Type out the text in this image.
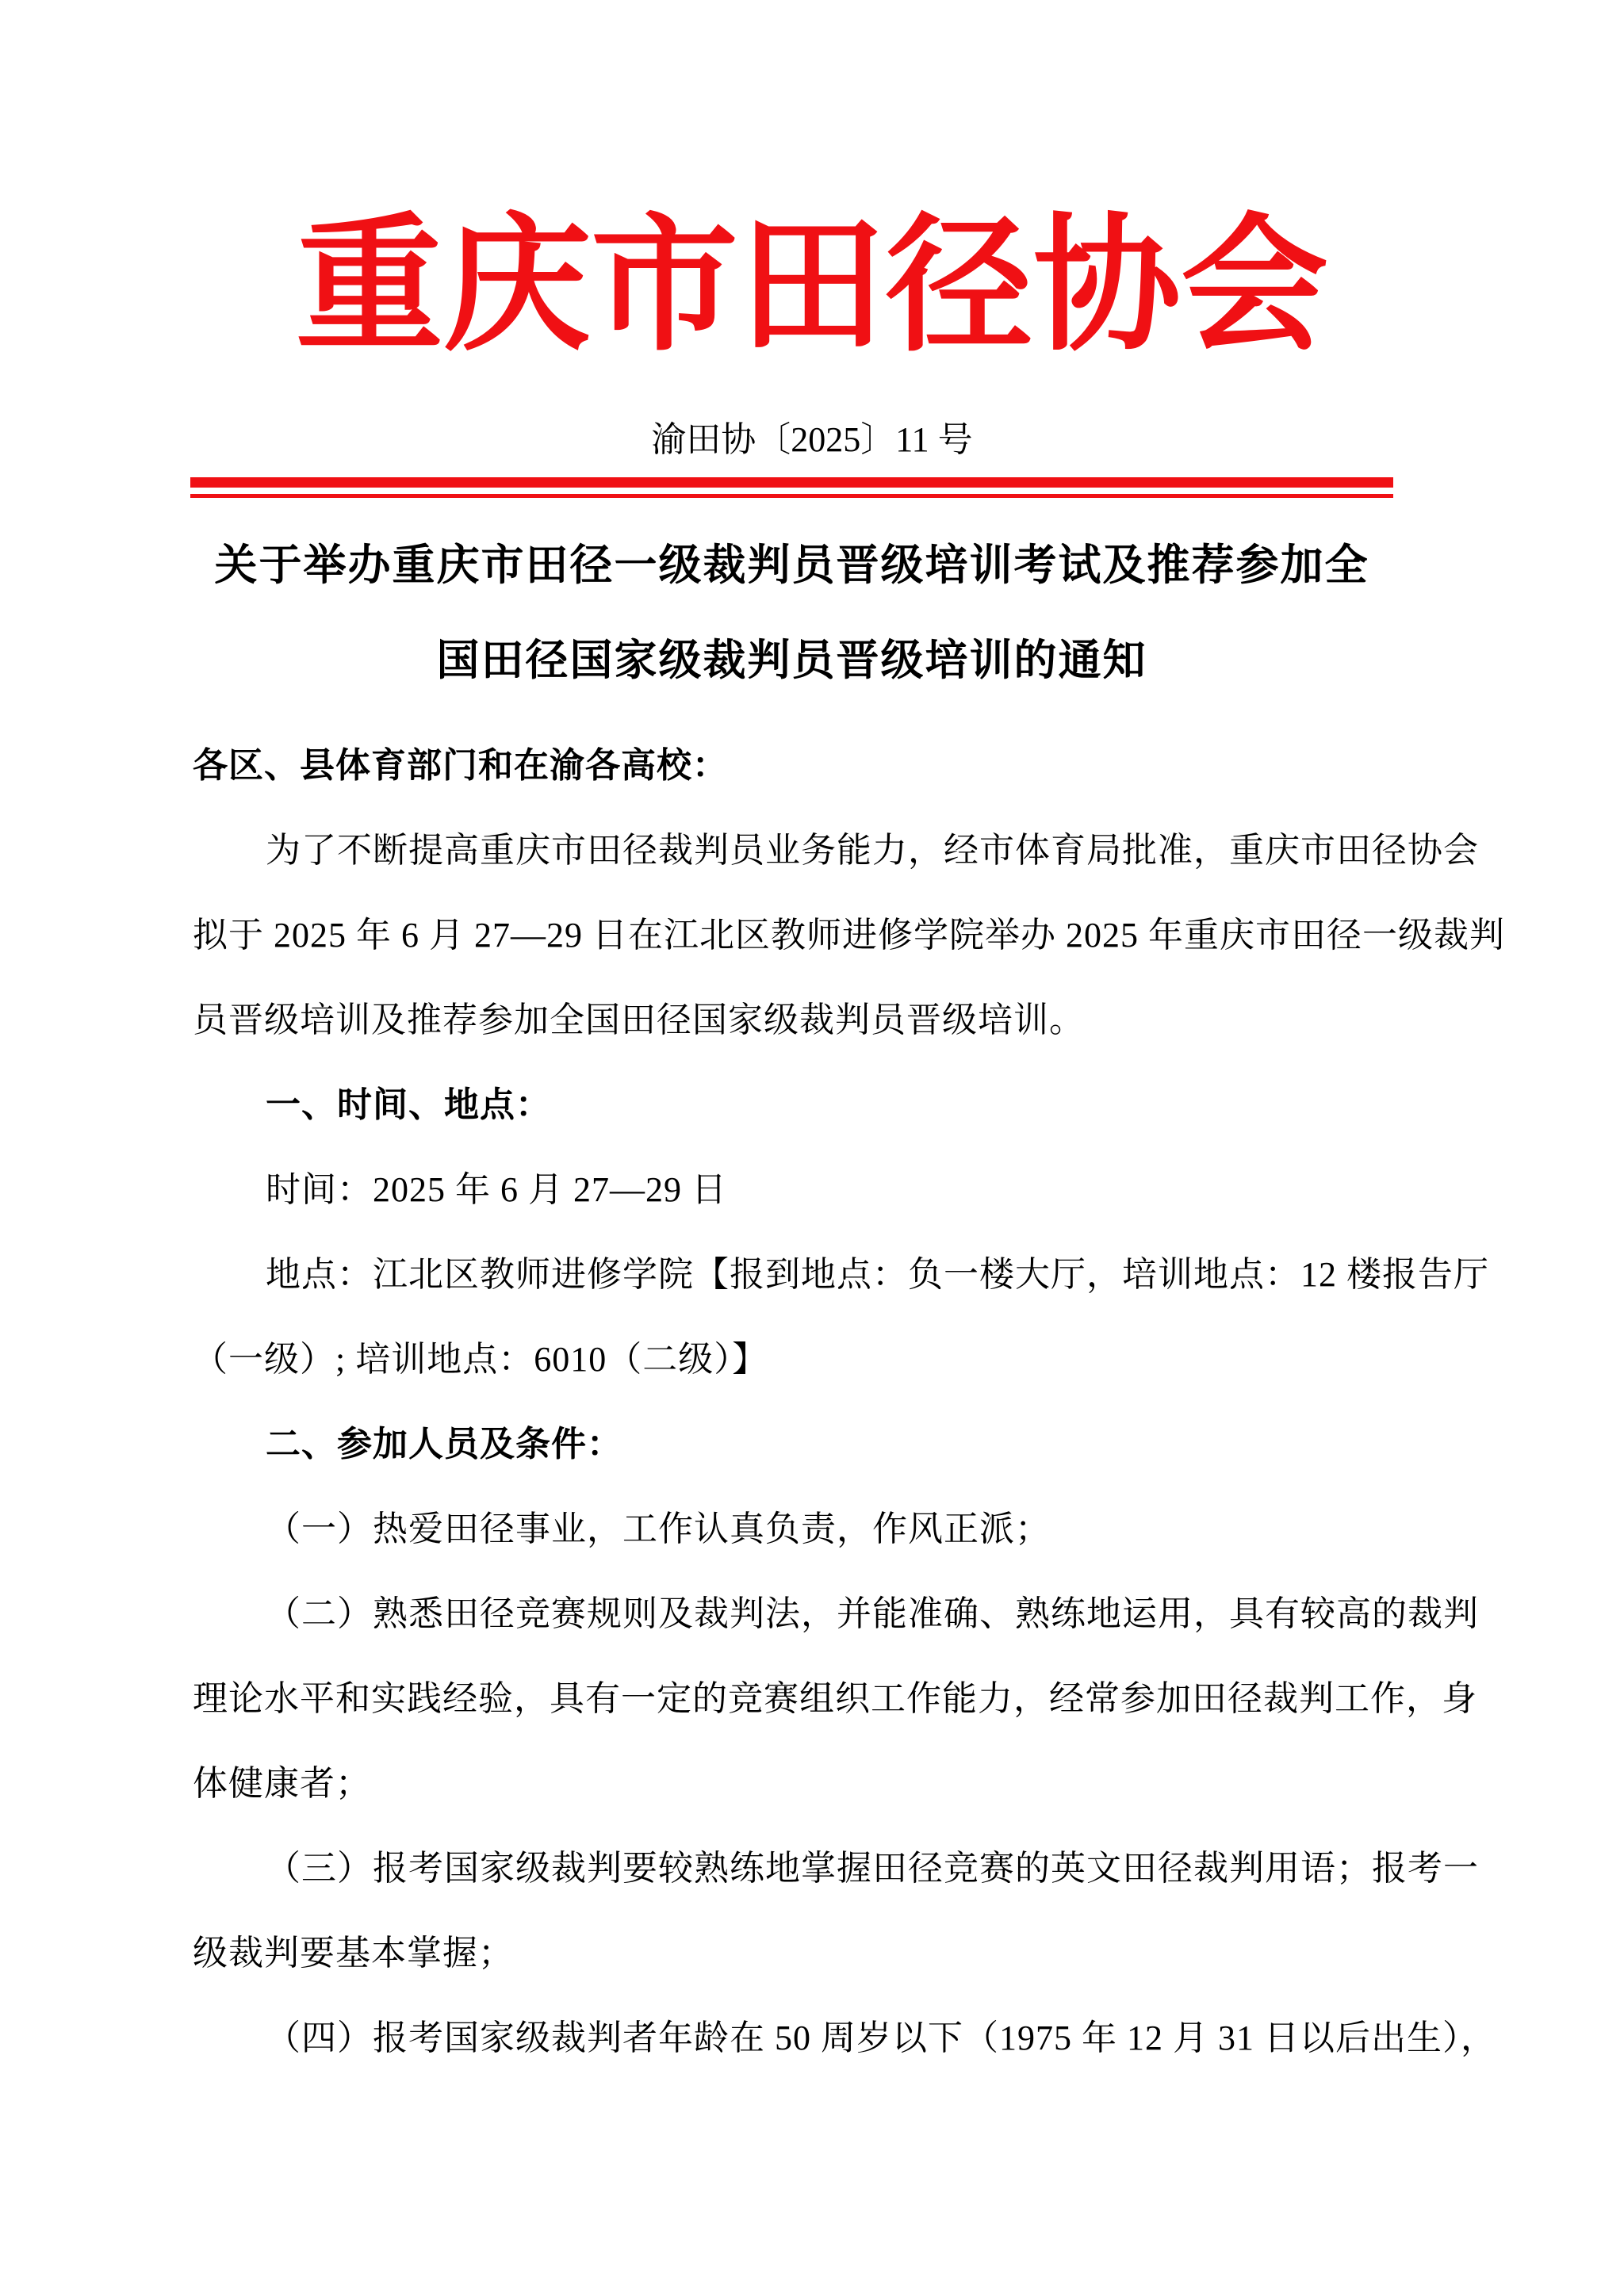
重庆市田径协会
渝田协〔2025〕11 号
关于举办重庆市田径一级裁判员晋级培训考试及推荐参加全
国田径国家级裁判员晋级培训的通知
各区、县体育部门和在渝各高校：
为了不断提高重庆市田径裁判员业务能力，经市体育局批准，重庆市田径协会
拟于 2025 年 6 月 27—29 日在江北区教师进修学院举办 2025 年重庆市田径一级裁判
员晋级培训及推荐参加全国田径国家级裁判员晋级培训。
一、时间、地点：
时间：2025 年 6 月 27—29 日
地点：江北区教师进修学院【报到地点：负一楼大厅，培训地点：12 楼报告厅
（一级）; 培训地点：6010（二级）】
二、参加人员及条件：
（一）热爱田径事业，工作认真负责，作风正派；
（二）熟悉田径竞赛规则及裁判法，并能准确、熟练地运用，具有较高的裁判
理论水平和实践经验，具有一定的竞赛组织工作能力，经常参加田径裁判工作，身
体健康者；
（三）报考国家级裁判要较熟练地掌握田径竞赛的英文田径裁判用语；报考一
级裁判要基本掌握；
（四）报考国家级裁判者年龄在 50 周岁以下（1975 年 12 月 31 日以后出生），
